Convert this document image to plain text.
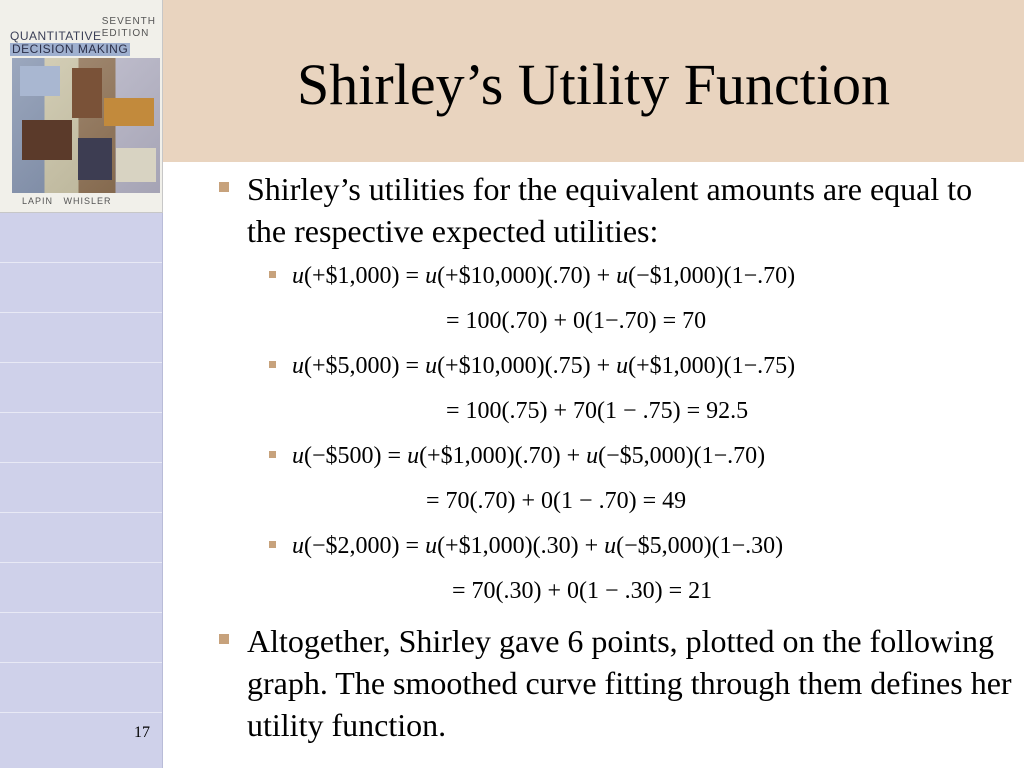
SEVENTH
EDITION
QUANTITATIVE
DECISION MAKING
LAPIN   WHISLER
Shirley’s Utility Function
Shirley’s utilities for the equivalent amounts are equal to the respective expected utilities:
u(+$1,000) = u(+$10,000)(.70) + u(−$1,000)(1−.70)
= 100(.70) + 0(1−.70) = 70
u(+$5,000) = u(+$10,000)(.75) + u(+$1,000)(1−.75)
= 100(.75) + 70(1 − .75) = 92.5
u(−$500) = u(+$1,000)(.70) + u(−$5,000)(1−.70)
= 70(.70) + 0(1 − .70) = 49
u(−$2,000) = u(+$1,000)(.30) + u(−$5,000)(1−.30)
= 70(.30) + 0(1 − .30) = 21
Altogether, Shirley gave 6 points, plotted on the following graph. The smoothed curve fitting through them defines her utility function.
17
